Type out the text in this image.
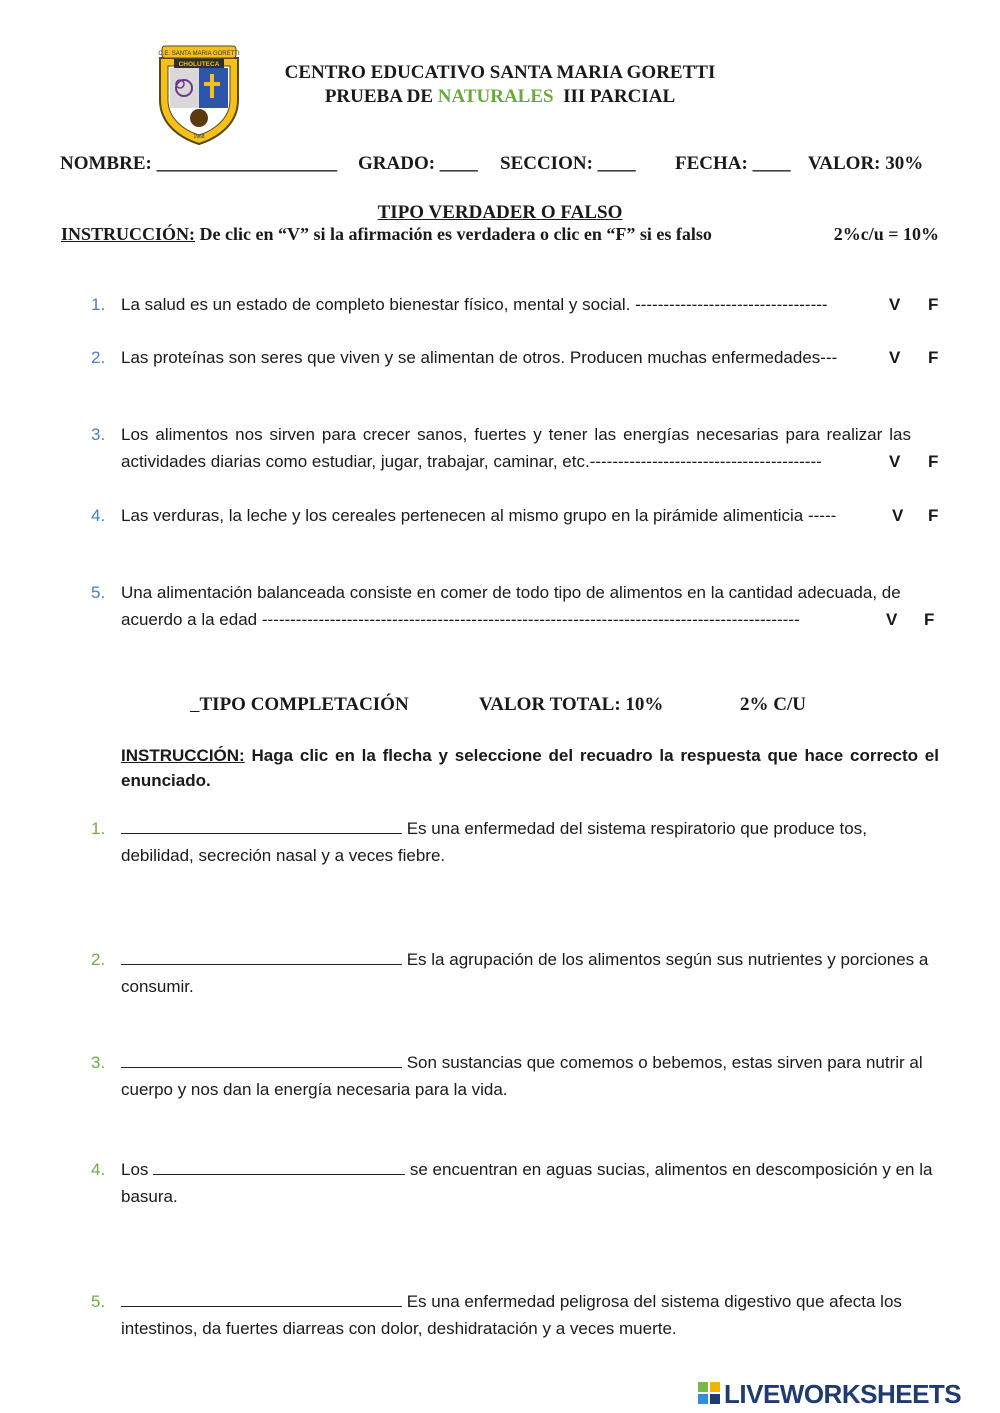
C.E. SANTA MARIA GORETTI
CHOLUTECA
1968
CENTRO EDUCATIVO SANTA MARIA GORETTI
PRUEBA DE NATURALES III PARCIAL
NOMBRE: ___________________ GRADO: ____ SECCION: ____ FECHA: ____ VALOR: 30%
TIPO VERDADER O FALSO
INSTRUCCIÓN: De clic en “V” si la afirmación es verdadera o clic en “F” si es falso	2%c/u = 10%
1. La salud es un estado de completo bienestar físico, mental y social. ----------------------------------	V F
2. Las proteínas son seres que viven y se alimentan de otros. Producen muchas enfermedades---	V F
3. Los alimentos nos sirven para crecer sanos, fuertes y tener las energías necesarias para realizar las actividades diarias como estudiar, jugar, trabajar, caminar, etc.-----------------------------------------	V F
4. Las verduras, la leche y los cereales pertenecen al mismo grupo en la pirámide alimenticia -----	V F
5. Una alimentación balanceada consiste en comer de todo tipo de alimentos en la cantidad adecuada, de acuerdo a la edad -----------------------------------------------------------------------------------------------	V F

TIPO COMPLETACIÓN	VALOR TOTAL: 10%	2% C/U
INSTRUCCIÓN: Haga clic en la flecha y seleccione del recuadro la respuesta que hace correcto el enunciado.
1.	Es una enfermedad del sistema respiratorio que produce tos, debilidad, secreción nasal y a veces fiebre.
2.	Es la agrupación de los alimentos según sus nutrientes y porciones a consumir.
3.	Son sustancias que comemos o bebemos, estas sirven para nutrir al cuerpo y nos dan la energía necesaria para la vida.
4. Los	se encuentran en aguas sucias, alimentos en descomposición y en la basura.
5.	Es una enfermedad peligrosa del sistema digestivo que afecta los intestinos, da fuertes diarreas con dolor, deshidratación y a veces muerte.
LIVEWORKSHEETS
